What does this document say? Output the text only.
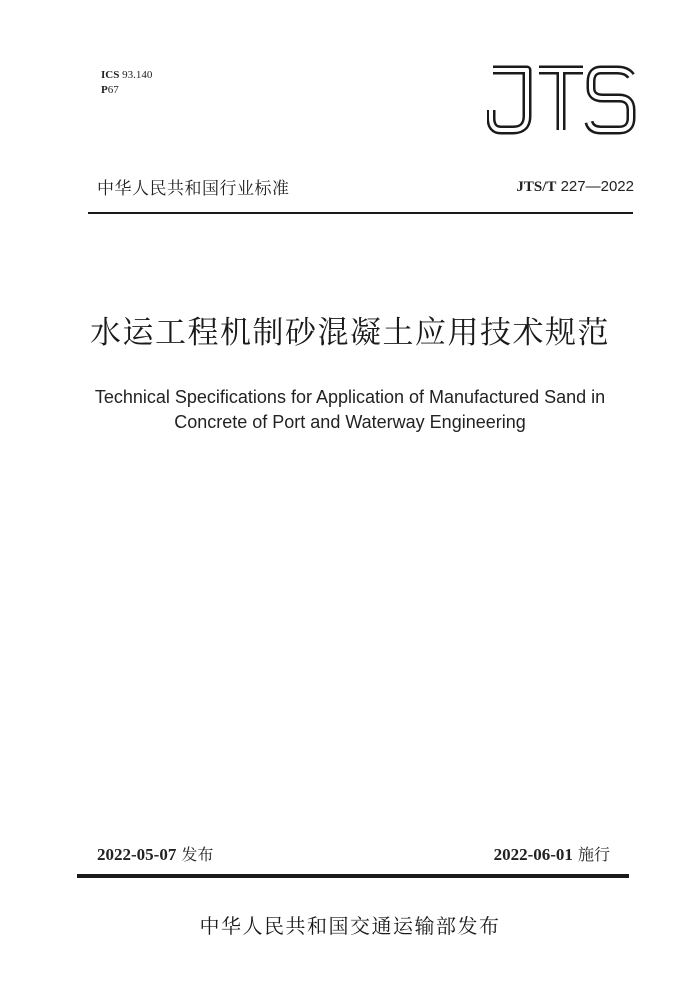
ICS 93.140
P67
中华人民共和国行业标准	JTS/T 227—2022
水运工程机制砂混凝土应用技术规范
Technical Specifications for Application of Manufactured Sand in
Concrete of Port and Waterway Engineering
2022-05-07 发布	2022-06-01 施行
中华人民共和国交通运输部发布
